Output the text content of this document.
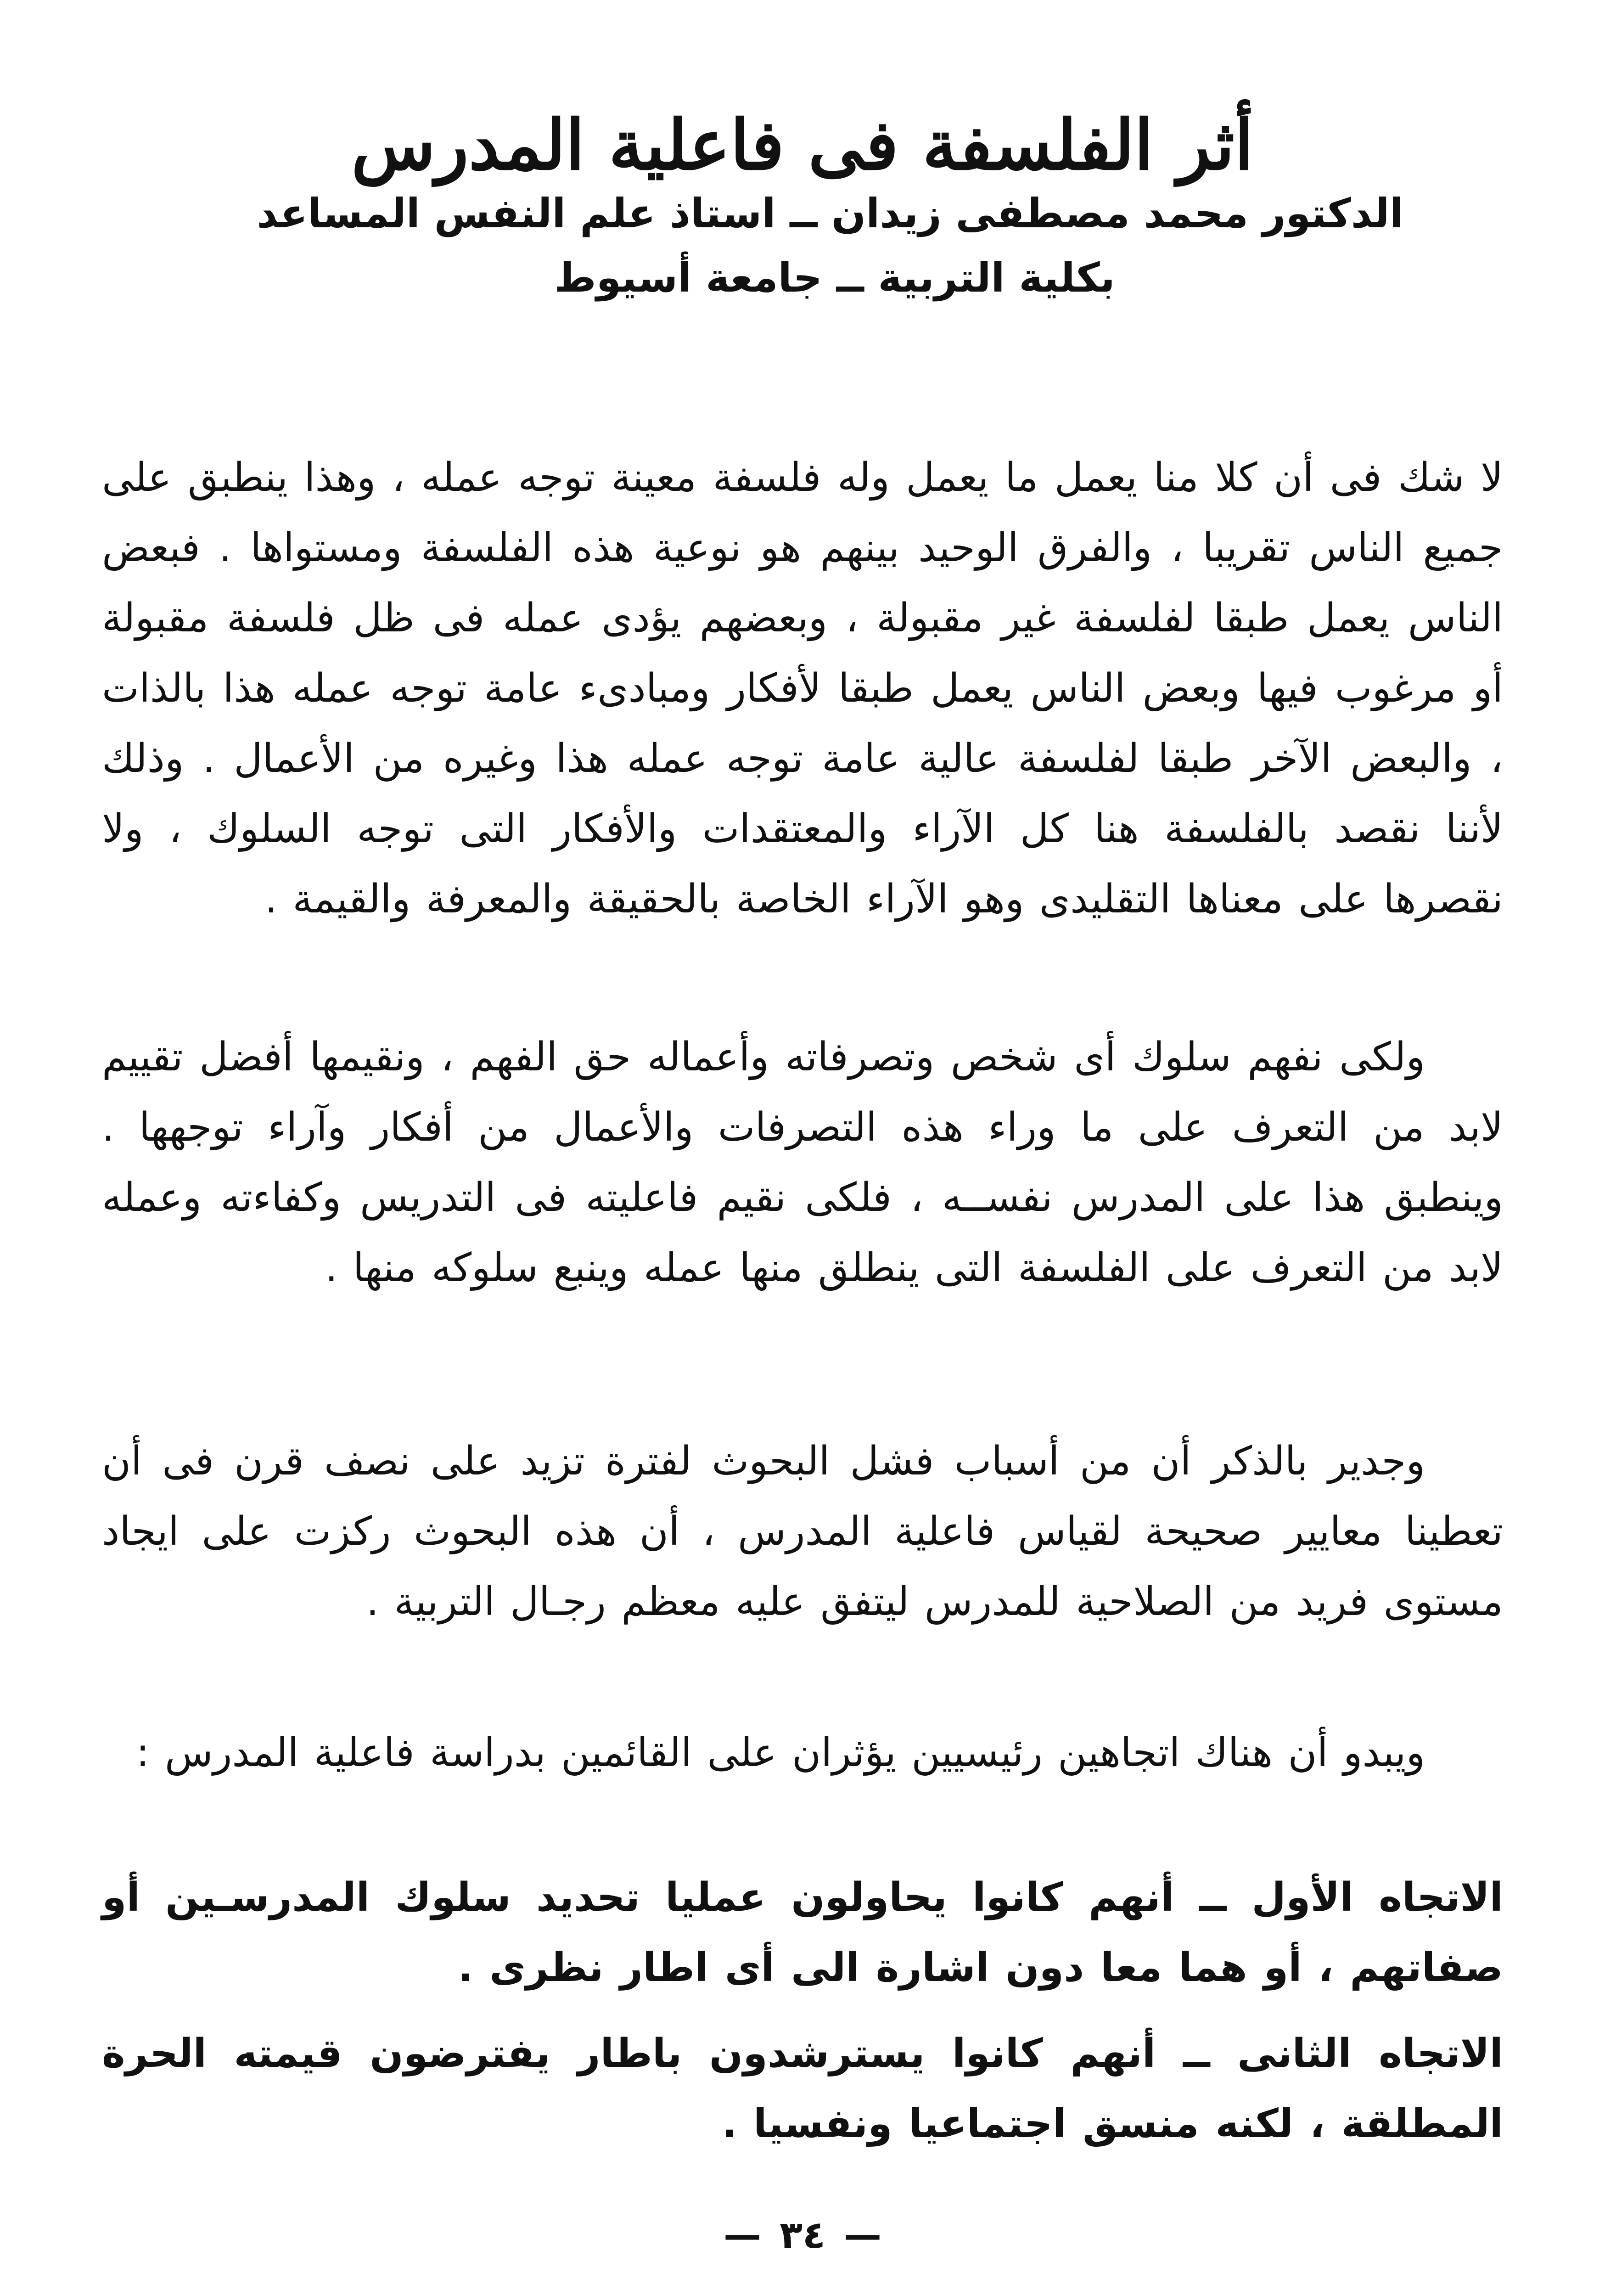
أثر الفلسفة فى فاعلية المدرس
الدكتور محمد مصطفى زيدان ــ استاذ علم النفس المساعد
بكلية التربية ــ جامعة أسيوط

لا شك فى أن كلا منا يعمل ما يعمل وله فلسفة معينة توجه عمله ، وهذا ينطبق على جميع الناس تقريبا ، والفرق الوحيد بينهم هو نوعية هذه الفلسفة ومستواها . فبعض الناس يعمل طبقا لفلسفة غير مقبولة ، وبعضهم يؤدى عمله فى ظل فلسفة مقبولة أو مرغوب فيها وبعض الناس يعمل طبقا لأفكار ومبادىء عامة توجه عمله هذا بالذات ، والبعض الآخر طبقا لفلسفة عالية عامة توجه عمله هذا وغيره من الأعمال . وذلك لأننا نقصد بالفلسفة هنا كل الآراء والمعتقدات والأفكار التى توجه السلوك ، ولا نقصرها على معناها التقليدى وهو الآراء الخاصة بالحقيقة والمعرفة والقيمة .

ولكى نفهم سلوك أى شخص وتصرفاته وأعماله حق الفهم ، ونقيمها أفضل تقييم لابد من التعرف على ما وراء هذه التصرفات والأعمال من أفكار وآراء توجهها . وينطبق هذا على المدرس نفســه ، فلكى نقيم فاعليته فى التدريس وكفاءته وعمله لابد من التعرف على الفلسفة التى ينطلق منها عمله وينبع سلوكه منها .

وجدير بالذكر أن من أسباب فشل البحوث لفترة تزيد على نصف قرن فى أن تعطينا معايير صحيحة لقياس فاعلية المدرس ، أن هذه البحوث ركزت على ايجاد مستوى فريد من الصلاحية للمدرس ليتفق عليه معظم رجـال التربية .

ويبدو أن هناك اتجاهين رئيسيين يؤثران على القائمين بدراسة فاعلية المدرس :

الاتجاه الأول ــ أنهم كانوا يحاولون عمليا تحديد سلوك المدرسـين أو صفاتهم ، أو هما معا دون اشارة الى أى اطار نظرى .

الاتجاه الثانى ــ أنهم كانوا يسترشدون باطار يفترضون قيمته الحرة المطلقة ، لكنه منسق اجتماعيا ونفسيا .

—٣٤—
